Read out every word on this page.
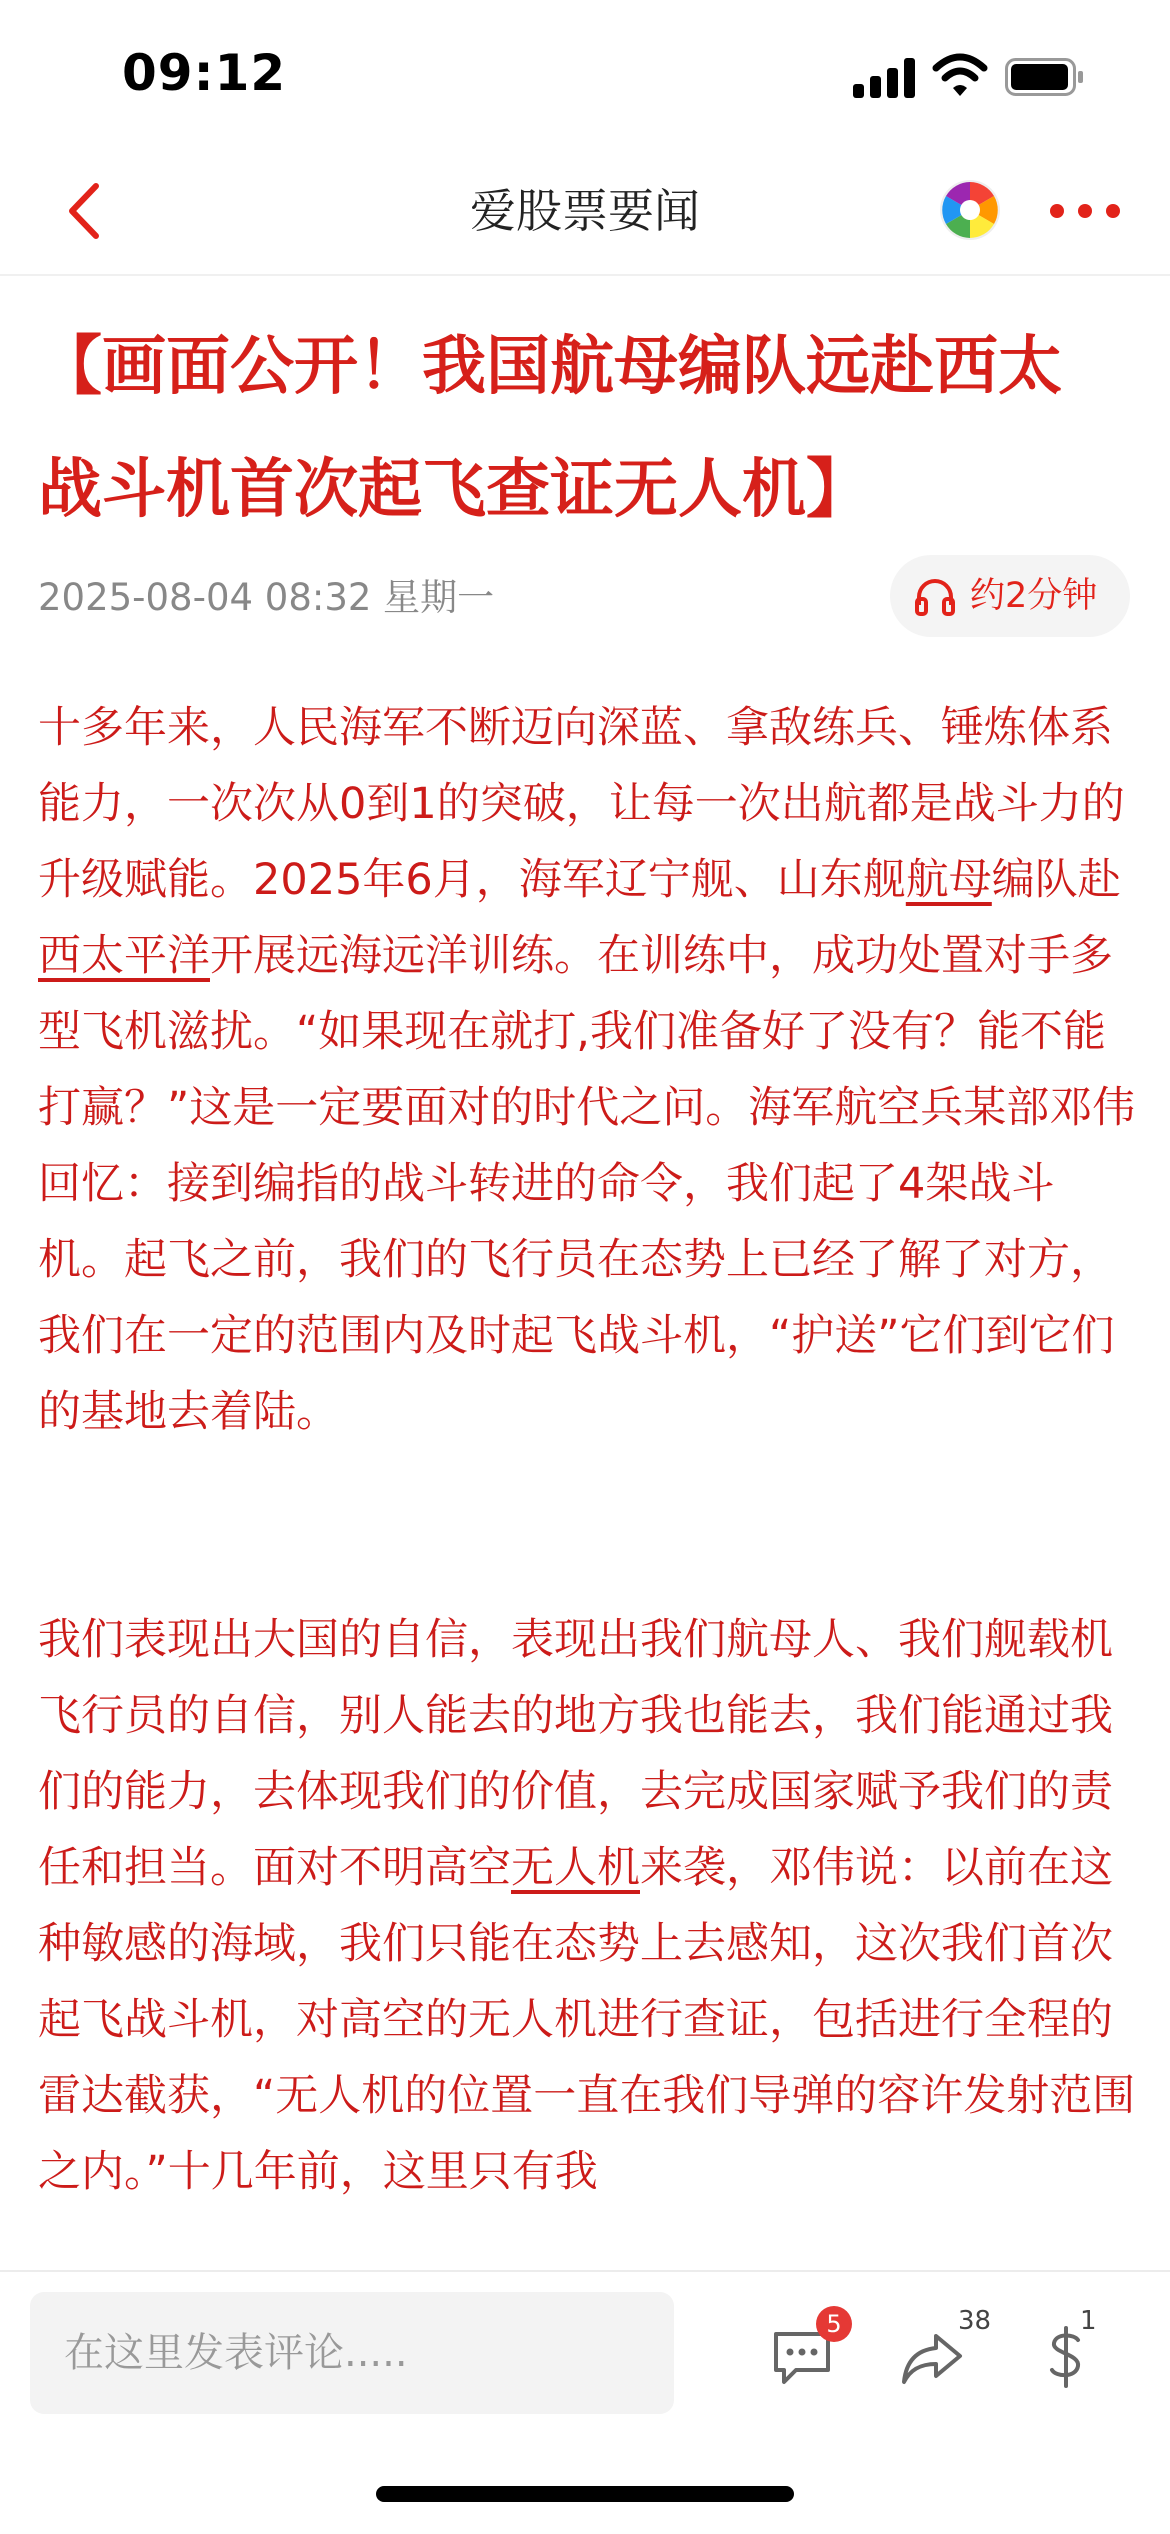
09:12
爱股票要闻
【画面公开！我国航母编队远赴西太 战斗机首次起飞查证无人机】
2025-08-04 08:32 星期一	约2分钟

十多年来，人民海军不断迈向深蓝、拿敌练兵、锤炼体系能力，一次次从0到1的突破，让每一次出航都是战斗力的升级赋能。2025年6月，海军辽宁舰、山东舰航母编队赴西太平洋开展远海远洋训练。在训练中，成功处置对手多型飞机滋扰。“如果现在就打,我们准备好了没有？能不能打赢？”这是一定要面对的时代之问。海军航空兵某部邓伟回忆：接到编指的战斗转进的命令，我们起了4架战斗机。起飞之前，我们的飞行员在态势上已经了解了对方，我们在一定的范围内及时起飞战斗机，“护送”它们到它们的基地去着陆。

我们表现出大国的自信，表现出我们航母人、我们舰载机飞行员的自信，别人能去的地方我也能去，我们能通过我们的能力，去体现我们的价值，去完成国家赋予我们的责任和担当。面对不明高空无人机来袭，邓伟说：以前在这种敏感的海域，我们只能在态势上去感知，这次我们首次起飞战斗机，对高空的无人机进行查证，包括进行全程的雷达截获，“无人机的位置一直在我们导弹的容许发射范围之内。”十几年前，这里只有我

在这里发表评论.....
5	38	1
